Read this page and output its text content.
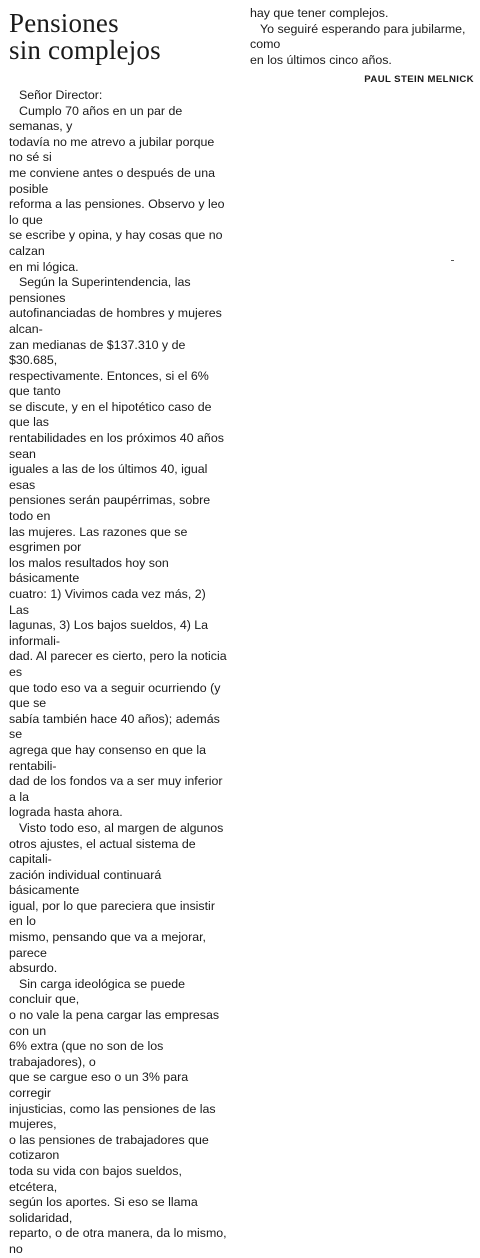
Pensiones
sin complejos

Señor Director:

Cumplo 70 años en un par de semanas, y
todavía no me atrevo a jubilar porque no sé si
me conviene antes o después de una posible
reforma a las pensiones. Observo y leo lo que
se escribe y opina, y hay cosas que no calzan
en mi lógica.

Según la Superintendencia, las pensiones
autofinanciadas de hombres y mujeres alcan-
zan medianas de $137.310 y de $30.685,
respectivamente. Entonces, si el 6% que tanto
se discute, y en el hipotético caso de que las
rentabilidades en los próximos 40 años sean
iguales a las de los últimos 40, igual esas
pensiones serán paupérrimas, sobre todo en
las mujeres. Las razones que se esgrimen por
los malos resultados hoy son básicamente
cuatro: 1) Vivimos cada vez más, 2) Las
lagunas, 3) Los bajos sueldos, 4) La informali-
dad. Al parecer es cierto, pero la noticia es
que todo eso va a seguir ocurriendo (y que se
sabía también hace 40 años); además se
agrega que hay consenso en que la rentabili-
dad de los fondos va a ser muy inferior a la
lograda hasta ahora.

Visto todo eso, al margen de algunos
otros ajustes, el actual sistema de capitali-
zación individual continuará básicamente
igual, por lo que pareciera que insistir en lo
mismo, pensando que va a mejorar, parece
absurdo.

Sin carga ideológica se puede concluir que,
o no vale la pena cargar las empresas con un
6% extra (que no son de los trabajadores), o
que se cargue eso o un 3% para corregir
injusticias, como las pensiones de las mujeres,
o las pensiones de trabajadores que cotizaron
toda su vida con bajos sueldos, etcétera,
según los aportes. Si eso se llama solidaridad,
reparto, o de otra manera, da lo mismo, no

hay que tener complejos.

Yo seguiré esperando para jubilarme, como
en los últimos cinco años.

PAUL STEIN MELNICK
